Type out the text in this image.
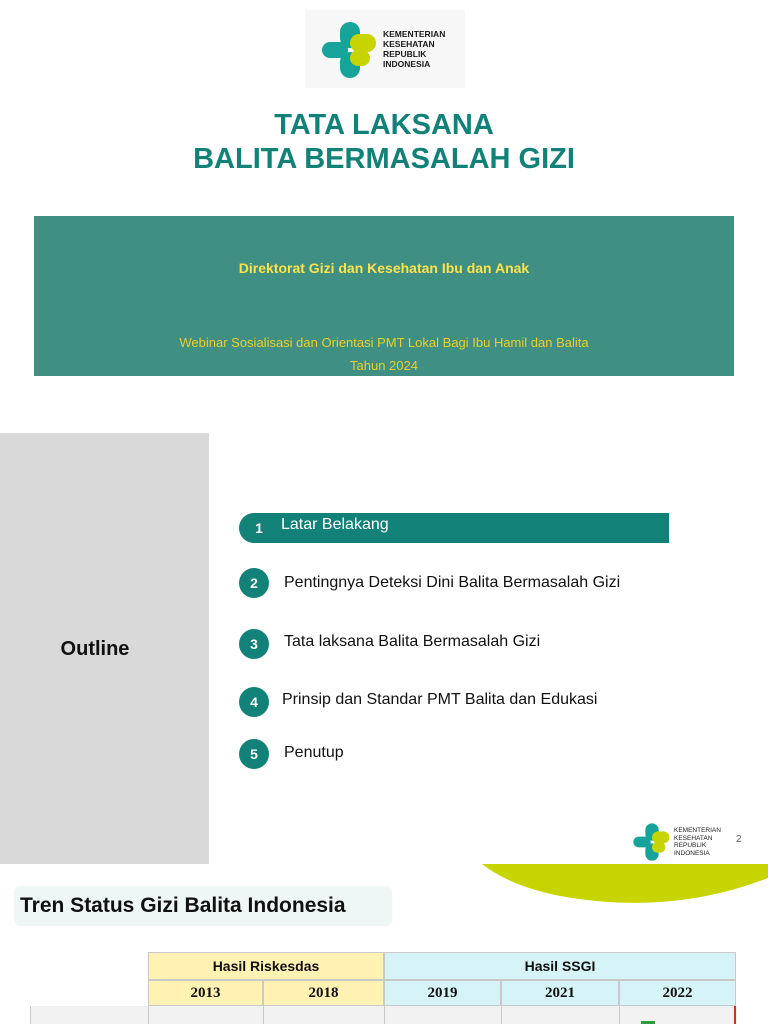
KEMENTERIAN
KESEHATAN
REPUBLIK
INDONESIA
TATA LAKSANA
BALITA BERMASALAH GIZI
Direktorat Gizi dan Kesehatan Ibu dan Anak
Webinar Sosialisasi dan Orientasi PMT Lokal Bagi Ibu Hamil dan Balita
Tahun 2024
Outline
1	Latar Belakang
2	Pentingnya Deteksi Dini Balita Bermasalah Gizi
3	Tata laksana Balita Bermasalah Gizi
4	Prinsip dan Standar PMT Balita dan Edukasi
5	Penutup
KEMENTERIAN
KESEHATAN
REPUBLIK
INDONESIA
2
Tren Status Gizi Balita Indonesia
Hasil Riskesdas	Hasil SSGI
2013	2018	2019	2021	2022
